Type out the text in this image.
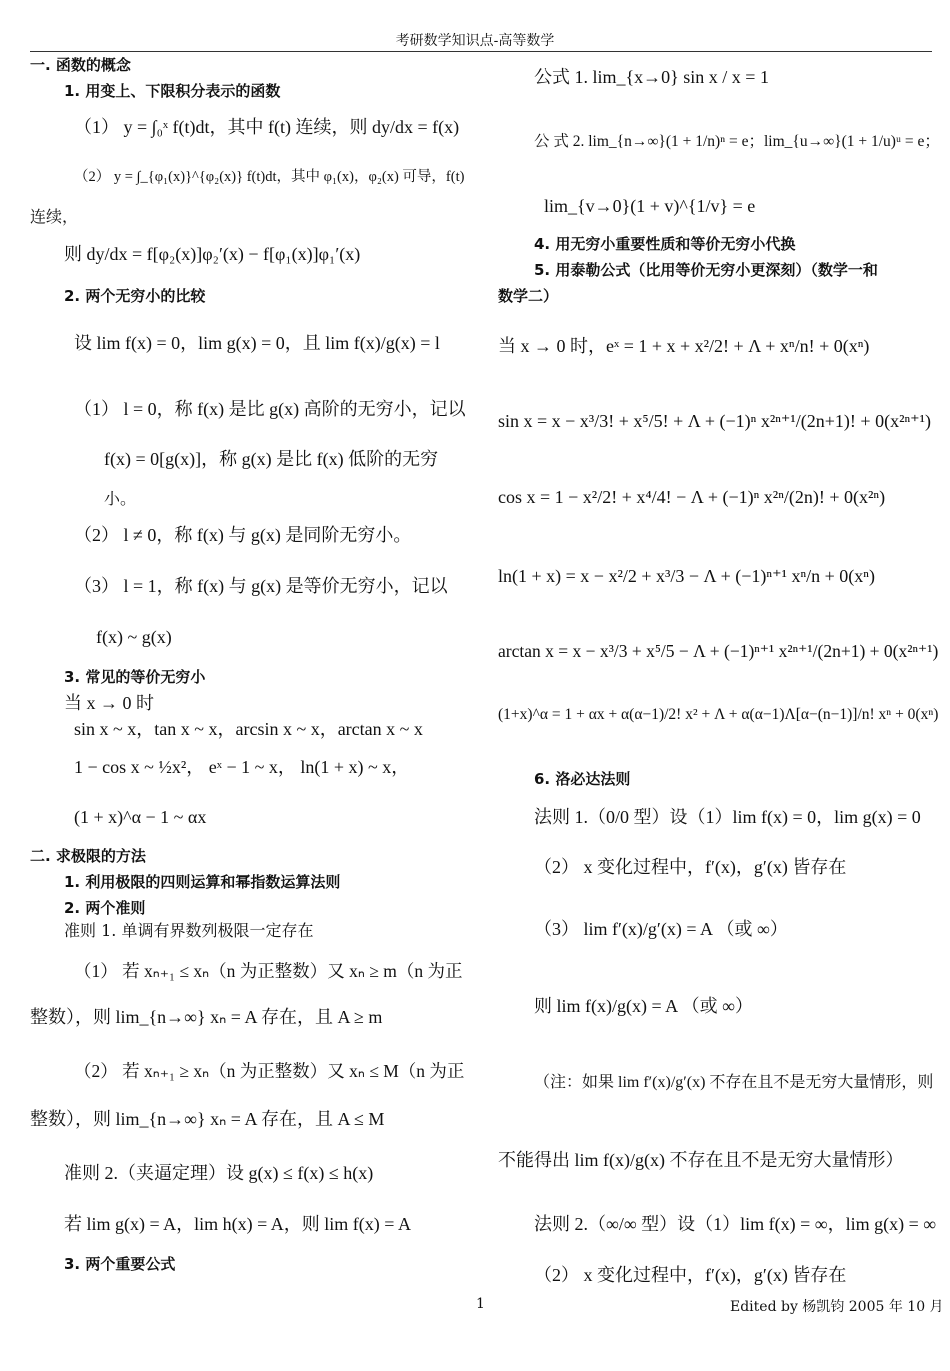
考研数学知识点-高等数学
一. 函数的概念
1. 用变上、下限积分表示的函数
（1） y = ∫₀ˣ f(t)dt，其中 f(t) 连续，则 dy/dx = f(x)
（2） y = ∫_{φ₁(x)}^{φ₂(x)} f(t)dt，其中 φ₁(x)，φ₂(x) 可导，f(t)
连续，
则 dy/dx = f[φ₂(x)]φ₂′(x) − f[φ₁(x)]φ₁′(x)
2. 两个无穷小的比较
设 lim f(x) = 0，lim g(x) = 0，且 lim f(x)/g(x) = l
（1） l = 0，称 f(x) 是比 g(x) 高阶的无穷小，记以
f(x) = 0[g(x)]，称 g(x) 是比 f(x) 低阶的无穷
小。
（2） l ≠ 0，称 f(x) 与 g(x) 是同阶无穷小。
（3） l = 1，称 f(x) 与 g(x) 是等价无穷小，记以
f(x) ~ g(x)
3. 常见的等价无穷小
当 x → 0 时
sin x ~ x，tan x ~ x，arcsin x ~ x，arctan x ~ x
1 − cos x ~ ½x²， eˣ − 1 ~ x， ln(1 + x) ~ x，
(1 + x)^α − 1 ~ αx
二. 求极限的方法
1. 利用极限的四则运算和幂指数运算法则
2. 两个准则
准则 1. 单调有界数列极限一定存在
（1） 若 xₙ₊₁ ≤ xₙ（n 为正整数）又 xₙ ≥ m（n 为正
整数），则 lim_{n→∞} xₙ = A 存在，且 A ≥ m
（2） 若 xₙ₊₁ ≥ xₙ（n 为正整数）又 xₙ ≤ M（n 为正
整数），则 lim_{n→∞} xₙ = A 存在，且 A ≤ M
准则 2.（夹逼定理）设 g(x) ≤ f(x) ≤ h(x)
若 lim g(x) = A，lim h(x) = A，则 lim f(x) = A
3. 两个重要公式
公式 1. lim_{x→0} sin x / x = 1
公 式 2. lim_{n→∞}(1 + 1/n)ⁿ = e；lim_{u→∞}(1 + 1/u)ᵘ = e；
lim_{v→0}(1 + v)^{1/v} = e
4. 用无穷小重要性质和等价无穷小代换
5. 用泰勒公式（比用等价无穷小更深刻）（数学一和
数学二）
当 x → 0 时，eˣ = 1 + x + x²/2! + Λ + xⁿ/n! + 0(xⁿ)
sin x = x − x³/3! + x⁵/5! + Λ + (−1)ⁿ x²ⁿ⁺¹/(2n+1)! + 0(x²ⁿ⁺¹)
cos x = 1 − x²/2! + x⁴/4! − Λ + (−1)ⁿ x²ⁿ/(2n)! + 0(x²ⁿ)
ln(1 + x) = x − x²/2 + x³/3 − Λ + (−1)ⁿ⁺¹ xⁿ/n + 0(xⁿ)
arctan x = x − x³/3 + x⁵/5 − Λ + (−1)ⁿ⁺¹ x²ⁿ⁺¹/(2n+1) + 0(x²ⁿ⁺¹)
(1+x)^α = 1 + αx + α(α−1)/2! x² + Λ + α(α−1)Λ[α−(n−1)]/n! xⁿ + 0(xⁿ)
6. 洛必达法则
法则 1.（0/0 型）设（1）lim f(x) = 0，lim g(x) = 0
（2） x 变化过程中，f′(x)，g′(x) 皆存在
（3） lim f′(x)/g′(x) = A （或 ∞）
则 lim f(x)/g(x) = A （或 ∞）
（注：如果 lim f′(x)/g′(x) 不存在且不是无穷大量情形，则
不能得出 lim f(x)/g(x) 不存在且不是无穷大量情形）
法则 2.（∞/∞ 型）设（1）lim f(x) = ∞，lim g(x) = ∞
（2） x 变化过程中，f′(x)，g′(x) 皆存在
1	Edited by 杨凯钧 2005 年 10 月
